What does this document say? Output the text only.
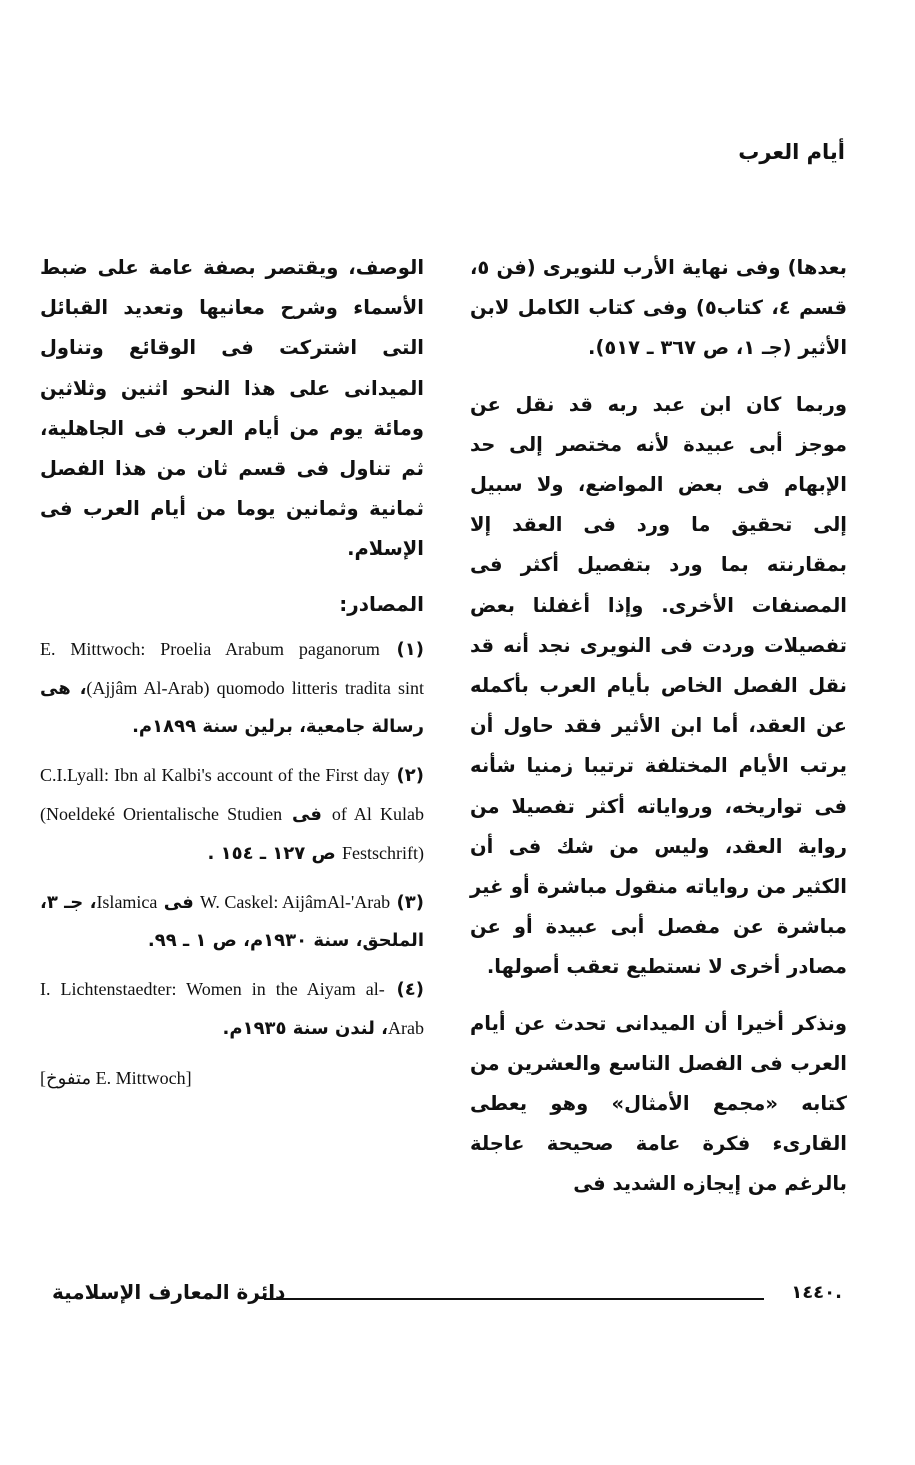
أيام العرب

بعدها) وفى نهاية الأرب للنويرى (فن ٥، قسم ٤، كتاب٥) وفى كتاب الكامل لابن الأثير (جـ ١، ص ٣٦٧ ـ ٥١٧).

وربما كان ابن عبد ربه قد نقل عن موجز أبى عبيدة لأنه مختصر إلى حد الإبهام فى بعض المواضع، ولا سبيل إلى تحقيق ما ورد فى العقد إلا بمقارنته بما ورد بتفصيل أكثر فى المصنفات الأخرى. وإذا أغفلنا بعض تفصيلات وردت فى النويرى نجد أنه قد نقل الفصل الخاص بأيام العرب بأكمله عن العقد، أما ابن الأثير فقد حاول أن يرتب الأيام المختلفة ترتيبا زمنيا شأنه فى تواريخه، ورواياته أكثر تفصيلا من رواية العقد، وليس من شك فى أن الكثير من رواياته منقول مباشرة أو غير مباشرة عن مفصل أبى عبيدة أو عن مصادر أخرى لا نستطيع تعقب أصولها.

ونذكر أخيرا أن الميدانى تحدث عن أيام العرب فى الفصل التاسع والعشرين من كتابه «مجمع الأمثال» وهو يعطى القارىء فكرة عامة صحيحة عاجلة بالرغم من إيجازه الشديد فى

الوصف، ويقتصر بصفة عامة على ضبط الأسماء وشرح معانيها وتعديد القبائل التى اشتركت فى الوقائع وتناول الميدانى على هذا النحو اثنين وثلاثين ومائة يوم من أيام العرب فى الجاهلية، ثم تناول فى قسم ثان من هذا الفصل ثمانية وثمانين يوما من أيام العرب فى الإسلام.

المصادر:
(١) E. Mittwoch: Proelia Arabum paganorum (Ajjâm Al-Arab) quomodo litteris tradita sint، هى رسالة جامعية، برلين سنة ١٨٩٩م.
(٢) C.I.Lyall: Ibn al Kalbi's account of the First day of Al Kulab فى (Noeldeké Orientalische Studien Festschrift) ص ١٢٧ ـ ١٥٤ .
(٣) W. Caskel: AijâmAl-'Arab فى Islamica، جـ ٣، الملحق، سنة ١٩٣٠م، ص ١ ـ ٩٩.
(٤) I. Lichtenstaedter: Women in the Aiyam al-Arab، لندن سنة ١٩٣٥م.
[E. Mittwoch متفوخ]
دائرة المعارف الإسلامية	١٤٤٠.
